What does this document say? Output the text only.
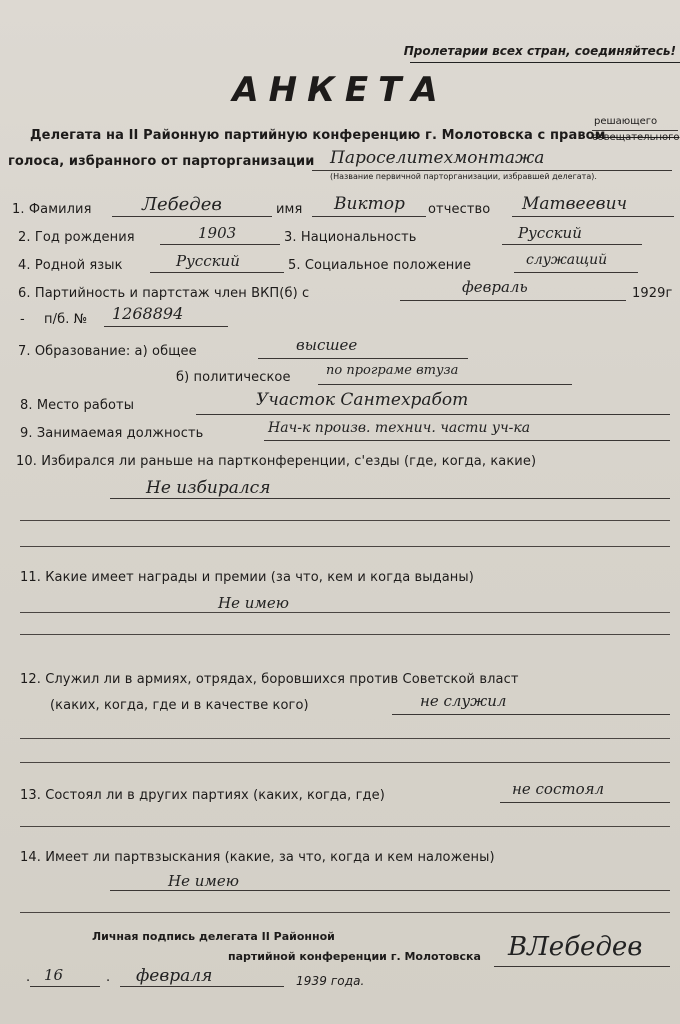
Пролетарии всех стран, соединяйтесь!
АНКЕТА
Делегата на II Районную партийную конференцию г. Молотовска с правом
решающего
совещательного
голоса, избранного от парторганизации Пароселитехмонтажа
(Название первичной парторганизации, избравшей делегата).
1. Фамилия	Лебедев	имя Виктор отчество Матвеевич
2. Год рождения	1903	3. Национальность	Русский
4. Родной язык	Русский	5. Социальное положение	служащий
6. Партийность и партстаж член ВКП(б) с	февраль	1929г
- п/б. № 1268894
7. Образование: а) общее	высшее
б) политическое	по програме втуза
8. Место работы	Участок Сантехработ
9. Занимаемая должность	Нач-к произв. технич. части уч-ка
10. Избирался ли раньше на партконференции, с'езды (где, когда, какие)
Не избирался
11. Какие имеет награды и премии (за что, кем и когда выданы)
Не имею
12. Служил ли в армиях, отрядах, боровшихся против Советской власт
(каких, когда, где и в качестве кого)	не служил
13. Состоял ли в других партиях (каких, когда, где)	не состоял
14. Имеет ли партвзыскания (какие, за что, когда и кем наложены)
Не имею
Личная подпись делегата II Районной
партийной конференции г. Молотовска ВЛебедев
. 16	. февраля	1939 года.
